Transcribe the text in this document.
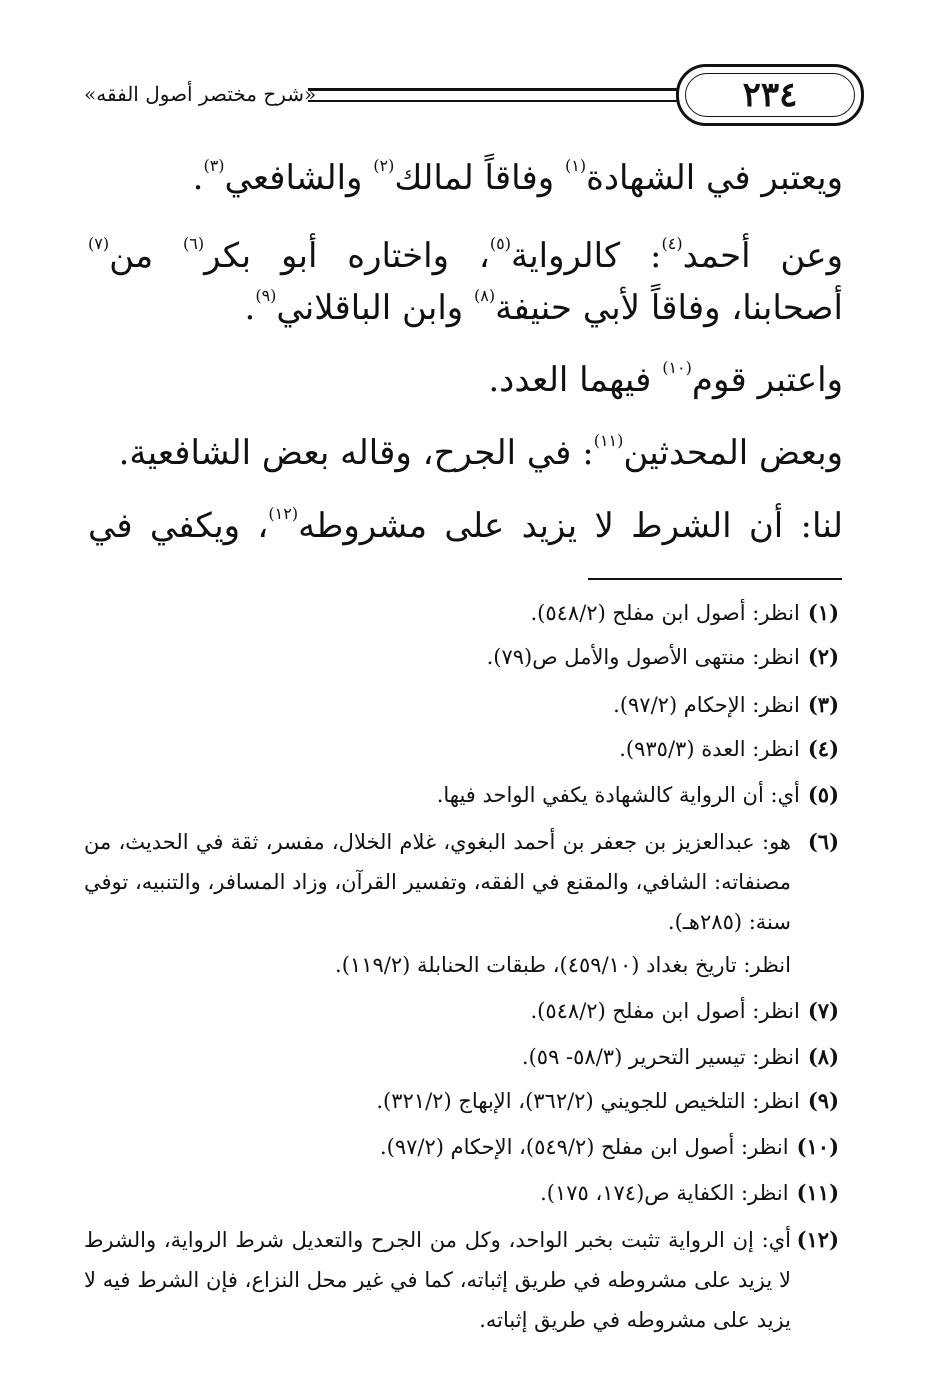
«شرح مختصر أصول الفقه»	٢٣٤
ويعتبر في الشهادة$^{(١)}$ وفاقاً لمالك$^{(٢)}$ والشافعي$^{(٣)}$.
وعن أحمد$^{(٤)}$: كالرواية$^{(٥)}$، واختاره أبو بكر$^{(٦)}$ من$^{(٧)}$
أصحابنا، وفاقاً لأبي حنيفة$^{(٨)}$ وابن الباقلاني$^{(٩)}$.
واعتبر قوم$^{(١٠)}$ فيهما العدد.
وبعض المحدثين$^{(١١)}$: في الجرح، وقاله بعض الشافعية.
لنا: أن الشرط لا يزيد على مشروطه$^{(١٢)}$، ويكفي في
(١)انظر: أصول ابن مفلح (٥٤٨/٢).
(٢)انظر: منتهى الأصول والأمل ص(٧٩).
(٣)انظر: الإحكام (٩٧/٢).
(٤)انظر: العدة (٩٣٥/٣).
(٥)أي: أن الرواية كالشهادة يكفي الواحد فيها.
(٦)هو: عبدالعزيز بن جعفر بن أحمد البغوي، غلام الخلال، مفسر، ثقة في الحديث، من مصنفاته: الشافي، والمقنع في الفقه، وتفسير القرآن، وزاد المسافر، والتنبيه، توفي سنة: (٢٨٥هـ).
انظر: تاريخ بغداد (٤٥٩/١٠)، طبقات الحنابلة (١١٩/٢).
(٧)انظر: أصول ابن مفلح (٥٤٨/٢).
(٨)انظر: تيسير التحرير (٥٨/٣- ٥٩).
(٩)انظر: التلخيص للجويني (٣٦٢/٢)، الإبهاج (٣٢١/٢).
(١٠)انظر: أصول ابن مفلح (٥٤٩/٢)، الإحكام (٩٧/٢).
(١١)انظر: الكفاية ص(١٧٤، ١٧٥).
(١٢)أي: إن الرواية تثبت بخبر الواحد، وكل من الجرح والتعديل شرط الرواية، والشرط لا يزيد على مشروطه في طريق إثباته، كما في غير محل النزاع، فإن الشرط فيه لا يزيد على مشروطه في طريق إثباته.
